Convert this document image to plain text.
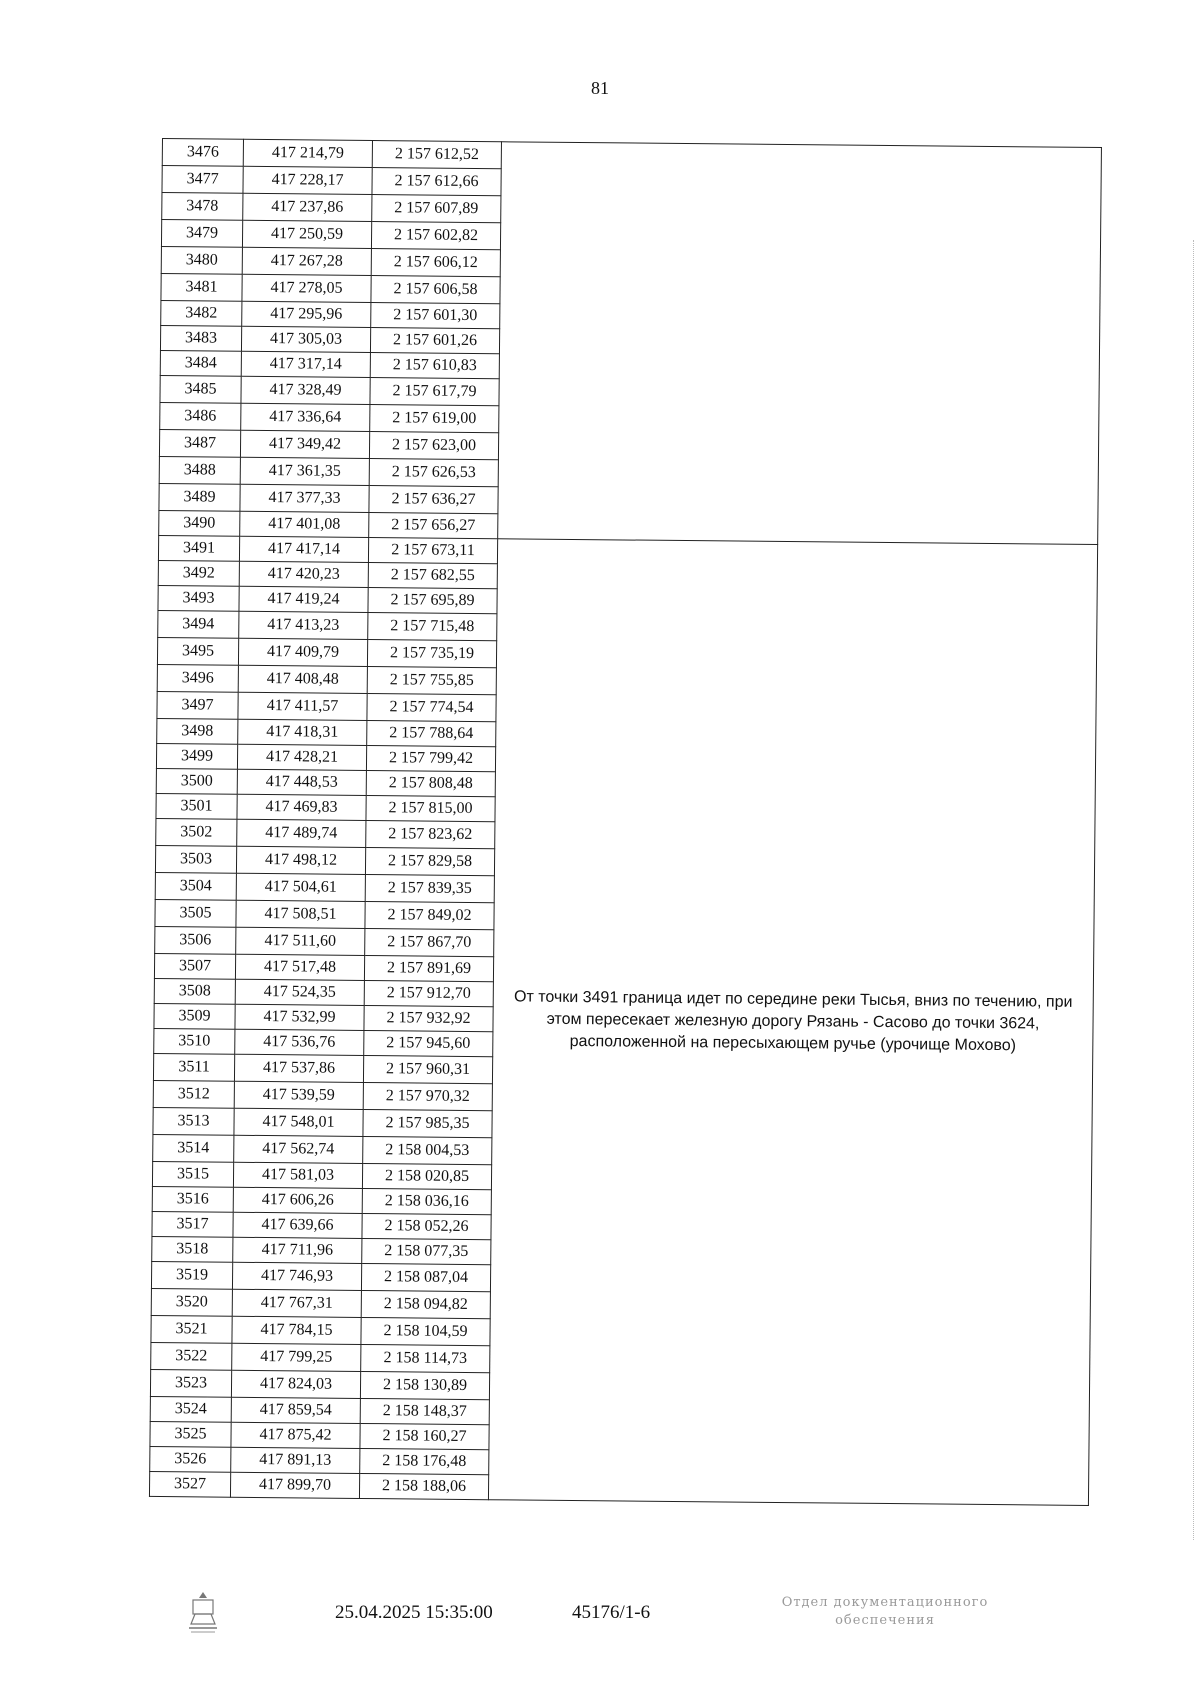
81
3476	417 214,79	2 157 612,52	
3477	417 228,17	2 157 612,66	
3478	417 237,86	2 157 607,89	
3479	417 250,59	2 157 602,82	
3480	417 267,28	2 157 606,12	
3481	417 278,05	2 157 606,58	
3482	417 295,96	2 157 601,30	
3483	417 305,03	2 157 601,26	
3484	417 317,14	2 157 610,83	
3485	417 328,49	2 157 617,79	
3486	417 336,64	2 157 619,00	
3487	417 349,42	2 157 623,00	
3488	417 361,35	2 157 626,53	
3489	417 377,33	2 157 636,27	
3490	417 401,08	2 157 656,27	
3491	417 417,14	2 157 673,11	От точки 3491 граница идет по середине реки Тысья, вниз по течению, при этом пересекает железную дорогу Рязань - Сасово до точки 3624, расположенной на пересыхающем ручье (урочище Мохово)
3492	417 420,23	2 157 682,55	
3493	417 419,24	2 157 695,89	
3494	417 413,23	2 157 715,48	
3495	417 409,79	2 157 735,19	
3496	417 408,48	2 157 755,85	
3497	417 411,57	2 157 774,54	
3498	417 418,31	2 157 788,64	
3499	417 428,21	2 157 799,42	
3500	417 448,53	2 157 808,48	
3501	417 469,83	2 157 815,00	
3502	417 489,74	2 157 823,62	
3503	417 498,12	2 157 829,58	
3504	417 504,61	2 157 839,35	
3505	417 508,51	2 157 849,02	
3506	417 511,60	2 157 867,70	
3507	417 517,48	2 157 891,69	
3508	417 524,35	2 157 912,70	
3509	417 532,99	2 157 932,92	
3510	417 536,76	2 157 945,60	
3511	417 537,86	2 157 960,31	
3512	417 539,59	2 157 970,32	
3513	417 548,01	2 157 985,35	
3514	417 562,74	2 158 004,53	
3515	417 581,03	2 158 020,85	
3516	417 606,26	2 158 036,16	
3517	417 639,66	2 158 052,26	
3518	417 711,96	2 158 077,35	
3519	417 746,93	2 158 087,04	
3520	417 767,31	2 158 094,82	
3521	417 784,15	2 158 104,59	
3522	417 799,25	2 158 114,73	
3523	417 824,03	2 158 130,89	
3524	417 859,54	2 158 148,37	
3525	417 875,42	2 158 160,27	
3526	417 891,13	2 158 176,48	
3527	417 899,70	2 158 188,06	
25.04.2025 15:35:00	45176/1-6	Отдел документационного
обеспечения
